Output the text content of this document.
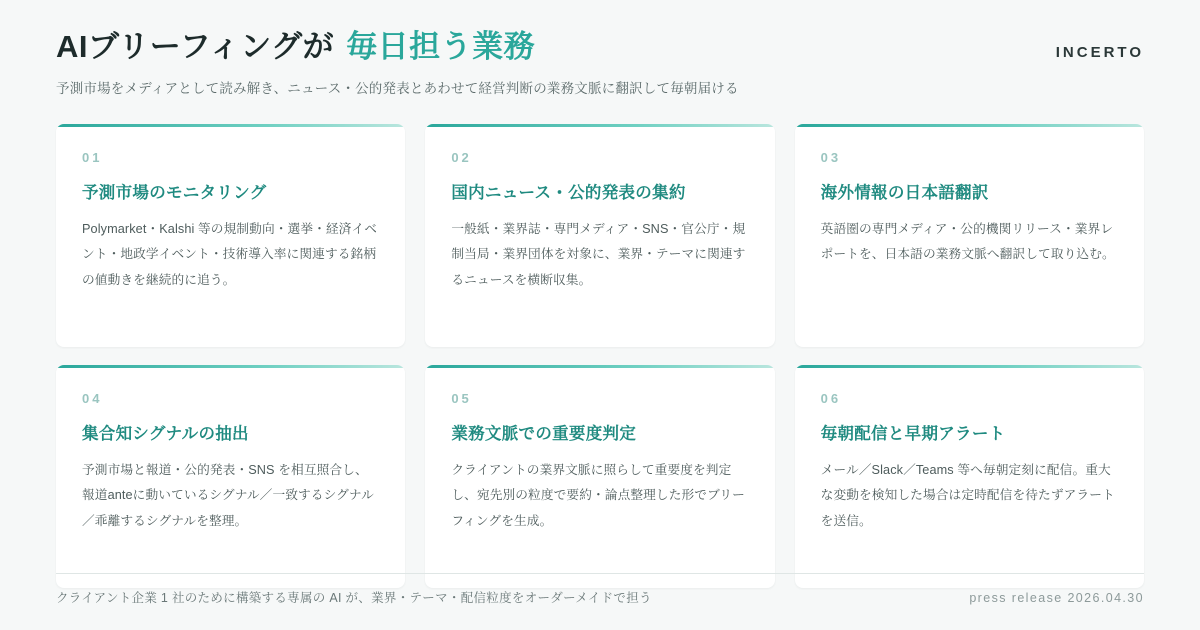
AIブリーフィングが 毎日担う業務
予測市場をメディアとして読み解き、ニュース・公的発表とあわせて経営判断の業務文脈に翻訳して毎朝届ける
INCERTO
01
予測市場のモニタリング
Polymarket・Kalshi 等の規制動向・選挙・経済イベント・地政学イベント・技術導入率に関連する銘柄の値動きを継続的に追う。
02
国内ニュース・公的発表の集約
一般紙・業界誌・専門メディア・SNS・官公庁・規制当局・業界団体を対象に、業界・テーマに関連するニュースを横断収集。
03
海外情報の日本語翻訳
英語圏の専門メディア・公的機関リリース・業界レポートを、日本語の業務文脈へ翻訳して取り込む。
04
集合知シグナルの抽出
予測市場と報道・公的発表・SNS を相互照合し、報道anteに動いているシグナル／一致するシグナル／乖離するシグナルを整理。
05
業務文脈での重要度判定
クライアントの業界文脈に照らして重要度を判定し、宛先別の粒度で要約・論点整理した形でブリーフィングを生成。
06
毎朝配信と早期アラート
メール／Slack／Teams 等へ毎朝定刻に配信。重大な変動を検知した場合は定時配信を待たずアラートを送信。
クライアント企業 1 社のために構築する専属の AI が、業界・テーマ・配信粒度をオーダーメイドで担う	press release 2026.04.30
